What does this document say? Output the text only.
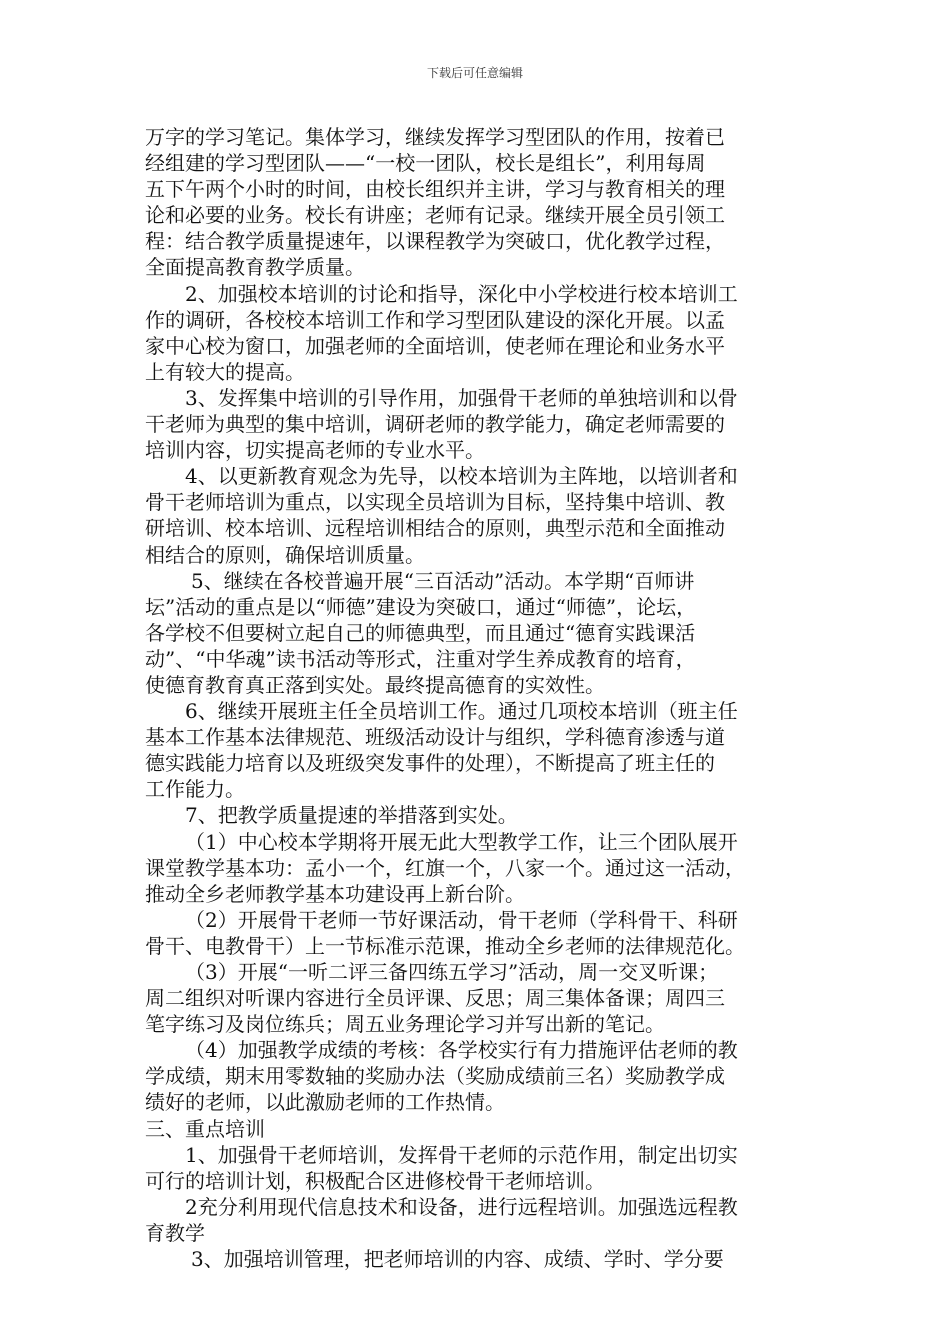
下载后可任意编辑
万字的学习笔记。集体学习，继续发挥学习型团队的作用，按着已
经组建的学习型团队——“一校一团队，校长是组长”，利用每周
五下午两个小时的时间，由校长组织并主讲，学习与教育相关的理
论和必要的业务。校长有讲座；老师有记录。继续开展全员引领工
程：结合教学质量提速年，以课程教学为突破口，优化教学过程，
全面提高教育教学质量。
2、加强校本培训的讨论和指导，深化中小学校进行校本培训工
作的调研，各校校本培训工作和学习型团队建设的深化开展。以孟
家中心校为窗口，加强老师的全面培训，使老师在理论和业务水平
上有较大的提高。
3、发挥集中培训的引导作用，加强骨干老师的单独培训和以骨
干老师为典型的集中培训，调研老师的教学能力，确定老师需要的
培训内容，切实提高老师的专业水平。
4、以更新教育观念为先导，以校本培训为主阵地，以培训者和
骨干老师培训为重点，以实现全员培训为目标，坚持集中培训、教
研培训、校本培训、远程培训相结合的原则，典型示范和全面推动
相结合的原则，确保培训质量。
5、继续在各校普遍开展“三百活动”活动。本学期“百师讲
坛”活动的重点是以“师德”建设为突破口，通过“师德”，论坛，
各学校不但要树立起自己的师德典型，而且通过“德育实践课活
动”、“中华魂”读书活动等形式，注重对学生养成教育的培育，
使德育教育真正落到实处。最终提高德育的实效性。
6、继续开展班主任全员培训工作。通过几项校本培训（班主任
基本工作基本法律规范、班级活动设计与组织，学科德育渗透与道
德实践能力培育以及班级突发事件的处理），不断提高了班主任的
工作能力。
7、把教学质量提速的举措落到实处。
（1）中心校本学期将开展无此大型教学工作，让三个团队展开
课堂教学基本功：孟小一个，红旗一个，八家一个。通过这一活动，
推动全乡老师教学基本功建设再上新台阶。
（2）开展骨干老师一节好课活动，骨干老师（学科骨干、科研
骨干、电教骨干）上一节标准示范课，推动全乡老师的法律规范化。
（3）开展“一听二评三备四练五学习”活动，周一交叉听课；
周二组织对听课内容进行全员评课、反思；周三集体备课；周四三
笔字练习及岗位练兵；周五业务理论学习并写出新的笔记。
（4）加强教学成绩的考核：各学校实行有力措施评估老师的教
学成绩，期末用零数轴的奖励办法（奖励成绩前三名）奖励教学成
绩好的老师，以此激励老师的工作热情。
三、重点培训
1、加强骨干老师培训，发挥骨干老师的示范作用，制定出切实
可行的培训计划，积极配合区进修校骨干老师培训。
2充分利用现代信息技术和设备，进行远程培训。加强选远程教
育教学
3、加强培训管理，把老师培训的内容、成绩、学时、学分要
